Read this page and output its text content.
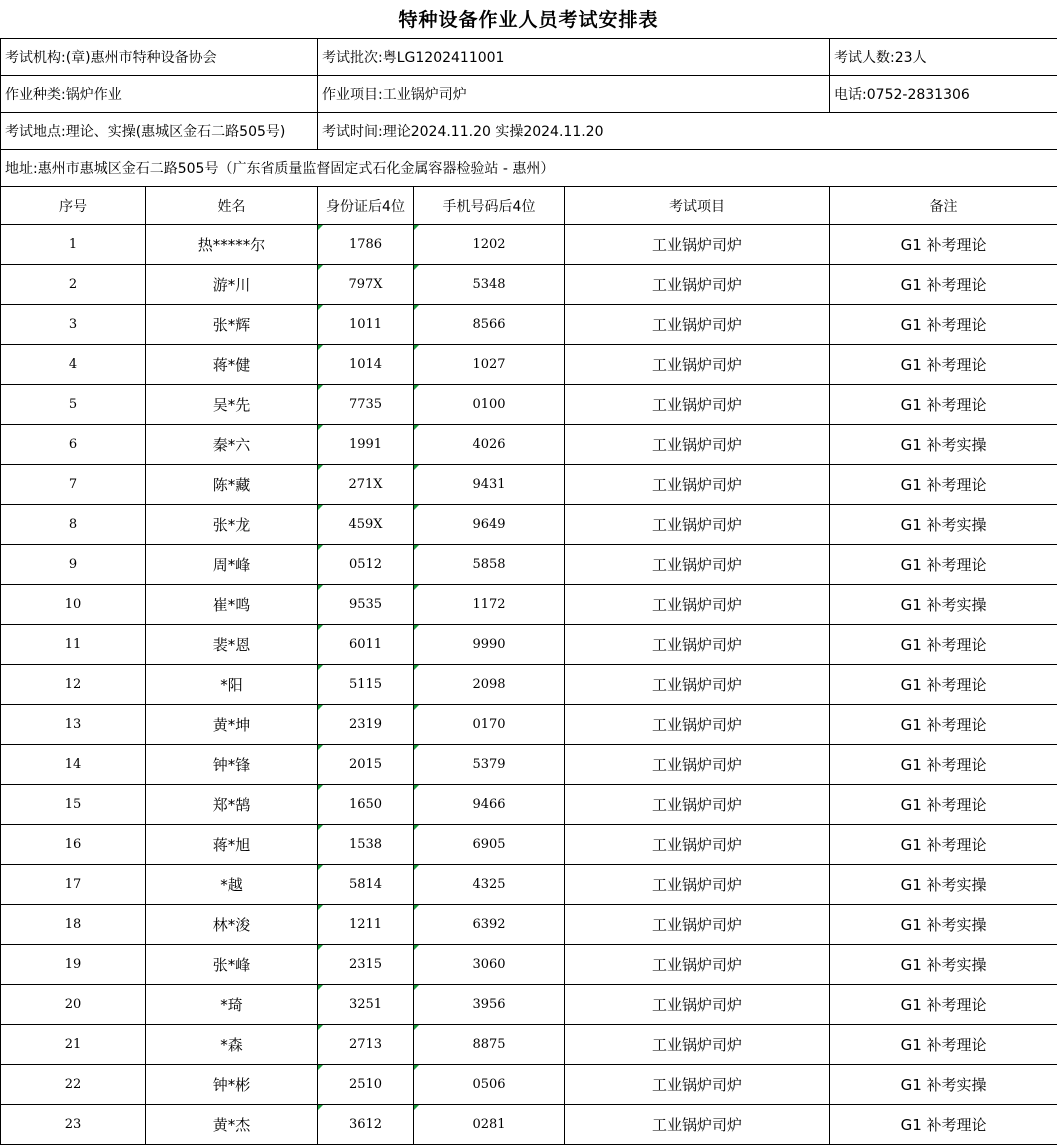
特种设备作业人员考试安排表
考试机构:(章)惠州市特种设备协会		考试批次:粤LG1202411001			考试人数:23人
作业种类:锅炉作业		作业项目:工业锅炉司炉			电话:0752-2831306
考试地点:理论、实操(惠城区金石二路505号)		考试时间:理论2024.11.20 实操2024.11.20			
地址:惠州市惠城区金石二路505号（广东省质量监督固定式石化金属容器检验站 - 惠州）					
序号	姓名	身份证后4位	手机号码后4位	考试项目	备注
1	热*****尔	1786	1202	工业锅炉司炉	G1 补考理论
2	游*川	797X	5348	工业锅炉司炉	G1 补考理论
3	张*辉	1011	8566	工业锅炉司炉	G1 补考理论
4	蒋*健	1014	1027	工业锅炉司炉	G1 补考理论
5	吴*先	7735	0100	工业锅炉司炉	G1 补考理论
6	秦*六	1991	4026	工业锅炉司炉	G1 补考实操
7	陈*藏	271X	9431	工业锅炉司炉	G1 补考理论
8	张*龙	459X	9649	工业锅炉司炉	G1 补考实操
9	周*峰	0512	5858	工业锅炉司炉	G1 补考理论
10	崔*鸣	9535	1172	工业锅炉司炉	G1 补考实操
11	裴*恩	6011	9990	工业锅炉司炉	G1 补考理论
12	*阳	5115	2098	工业锅炉司炉	G1 补考理论
13	黄*坤	2319	0170	工业锅炉司炉	G1 补考理论
14	钟*锋	2015	5379	工业锅炉司炉	G1 补考理论
15	郑*鹄	1650	9466	工业锅炉司炉	G1 补考理论
16	蒋*旭	1538	6905	工业锅炉司炉	G1 补考理论
17	*越	5814	4325	工业锅炉司炉	G1 补考实操
18	林*浚	1211	6392	工业锅炉司炉	G1 补考实操
19	张*峰	2315	3060	工业锅炉司炉	G1 补考实操
20	*琦	3251	3956	工业锅炉司炉	G1 补考理论
21	*森	2713	8875	工业锅炉司炉	G1 补考理论
22	钟*彬	2510	0506	工业锅炉司炉	G1 补考实操
23	黄*杰	3612	0281	工业锅炉司炉	G1 补考理论
